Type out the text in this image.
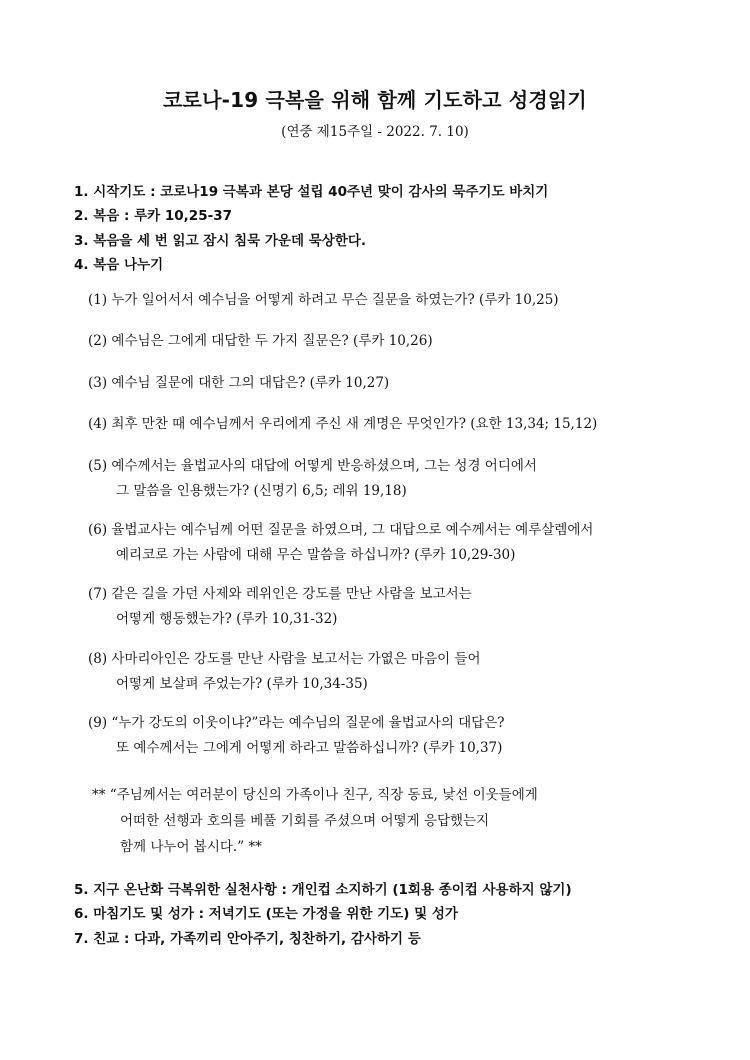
코로나-19 극복을 위해 함께 기도하고 성경읽기
(연중 제15주일 - 2022. 7. 10)
1. 시작기도 : 코로나19 극복과 본당 설립 40주년 맞이 감사의 묵주기도 바치기
2. 복음 : 루카 10,25-37
3. 복음을 세 번 읽고 잠시 침묵 가운데 묵상한다.
4. 복음 나누기
(1) 누가 일어서서 예수님을 어떻게 하려고 무슨 질문을 하였는가? (루카 10,25)
(2) 예수님은 그에게 대답한 두 가지 질문은? (루카 10,26)
(3) 예수님 질문에 대한 그의 대답은? (루카 10,27)
(4) 최후 만찬 때 예수님께서 우리에게 주신 새 계명은 무엇인가? (요한 13,34; 15,12)
(5) 예수께서는 율법교사의 대답에 어떻게 반응하셨으며, 그는 성경 어디에서
그 말씀을 인용했는가? (신명기 6,5; 레위 19,18)
(6) 율법교사는 예수님께 어떤 질문을 하였으며, 그 대답으로 예수께서는 예루살렘에서
예리코로 가는 사람에 대해 무슨 말씀을 하십니까? (루카 10,29-30)
(7) 같은 길을 가던 사제와 레위인은 강도를 만난 사람을 보고서는
어떻게 행동했는가? (루카 10,31-32)
(8) 사마리아인은 강도를 만난 사람을 보고서는 가엾은 마음이 들어
어떻게 보살펴 주었는가? (루카 10,34-35)
(9) “누가 강도의 이웃이냐?”라는 예수님의 질문에 율법교사의 대답은?
또 예수께서는 그에게 어떻게 하라고 말씀하십니까? (루카 10,37)
** “주님께서는 여러분이 당신의 가족이나 친구, 직장 동료, 낯선 이웃들에게
어떠한 선행과 호의를 베풀 기회를 주셨으며 어떻게 응답했는지
함께 나누어 봅시다.” **
5. 지구 온난화 극복위한 실천사항 : 개인컵 소지하기 (1회용 종이컵 사용하지 않기)
6. 마침기도 및 성가 : 저녁기도 (또는 가정을 위한 기도) 및 성가
7. 친교 : 다과, 가족끼리 안아주기, 칭찬하기, 감사하기 등
